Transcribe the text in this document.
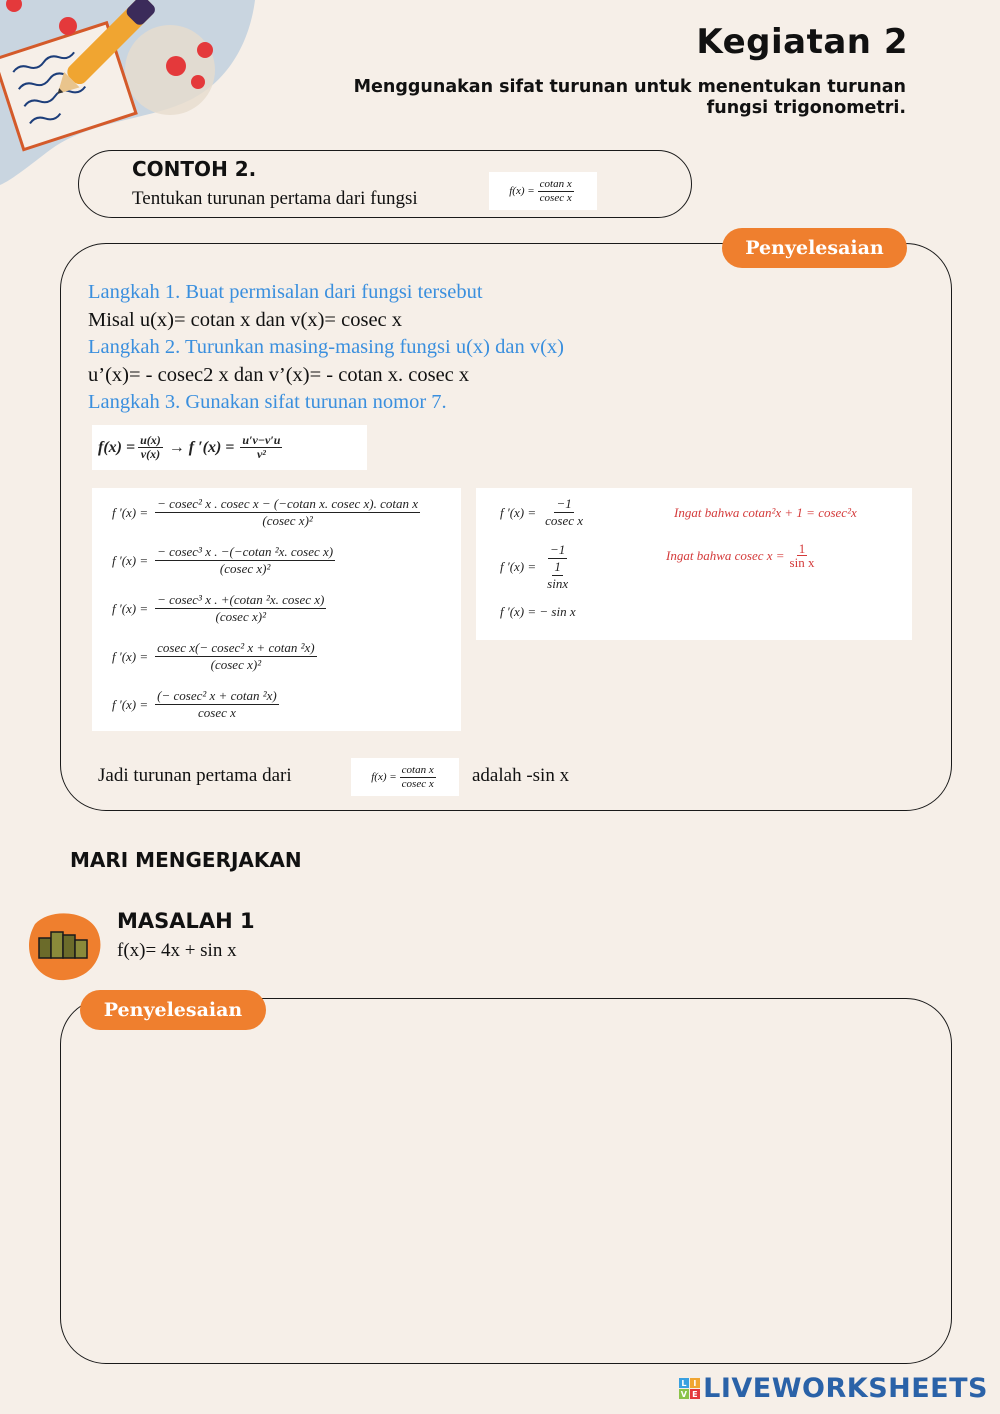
Kegiatan 2
Menggunakan sifat turunan untuk menentukan turunan
fungsi trigonometri.
CONTOH 2.
Tentukan turunan pertama dari fungsi	$f(x) = \frac{\text{cotan x}}{\text{cosec x}}$
Penyelesaian
Langkah 1. Buat permisalan dari fungsi tersebut
Misal u(x)= cotan x dan v(x)= cosec x
Langkah 2. Turunkan masing-masing fungsi u(x) dan v(x)
u’(x)= - cosec2 x dan v’(x)= - cotan x. cosec x
Langkah 3. Gunakan sifat turunan nomor 7.
$f(x) = \frac{u(x)}{v(x)} \to f$ $'(x) = \frac{u'v-v'u}{\text{v²}}$
f $'(x) = \frac{\text{− cosec² x . cosec x − (−cotan x. cosec x). cotan x}}{\text{(cosec x)²}}$
f $'(x) = \frac{\text{− cosec³ x . −(−cotan ²x. cosec x)}}{\text{(cosec x)²}}$
f $'(x) = \frac{\text{− cosec³ x . +(cotan ²x. cosec x)}}{\text{(cosec x)²}}$
f $'(x) = \frac{\text{cosec x(− cosec² x + cotan ²x)}}{\text{(cosec x)²}}$
f $'(x) = \frac{\text{(− cosec² x + cotan ²x)}}{\text{cosec x}}$
f $'(x) = \frac{-1}{\text{cosec x}}$	Ingat bahwa cotan²x + 1 = cosec²x
f $'(x) = \frac{-1}{\frac{1}{\sin x}}$	Ingat bahwa cosec $x = \frac{1}{\text{sin x}}$
f ′(x) = − sin x
Jadi turunan pertama dari	$f(x) = \frac{\text{cotan x}}{\text{cosec x}}$ adalah -sin x
MARI MENGERJAKAN
MASALAH 1
f(x)= 4x + sin x
Penyelesaian
L I
V E LIVEWORKSHEETS
